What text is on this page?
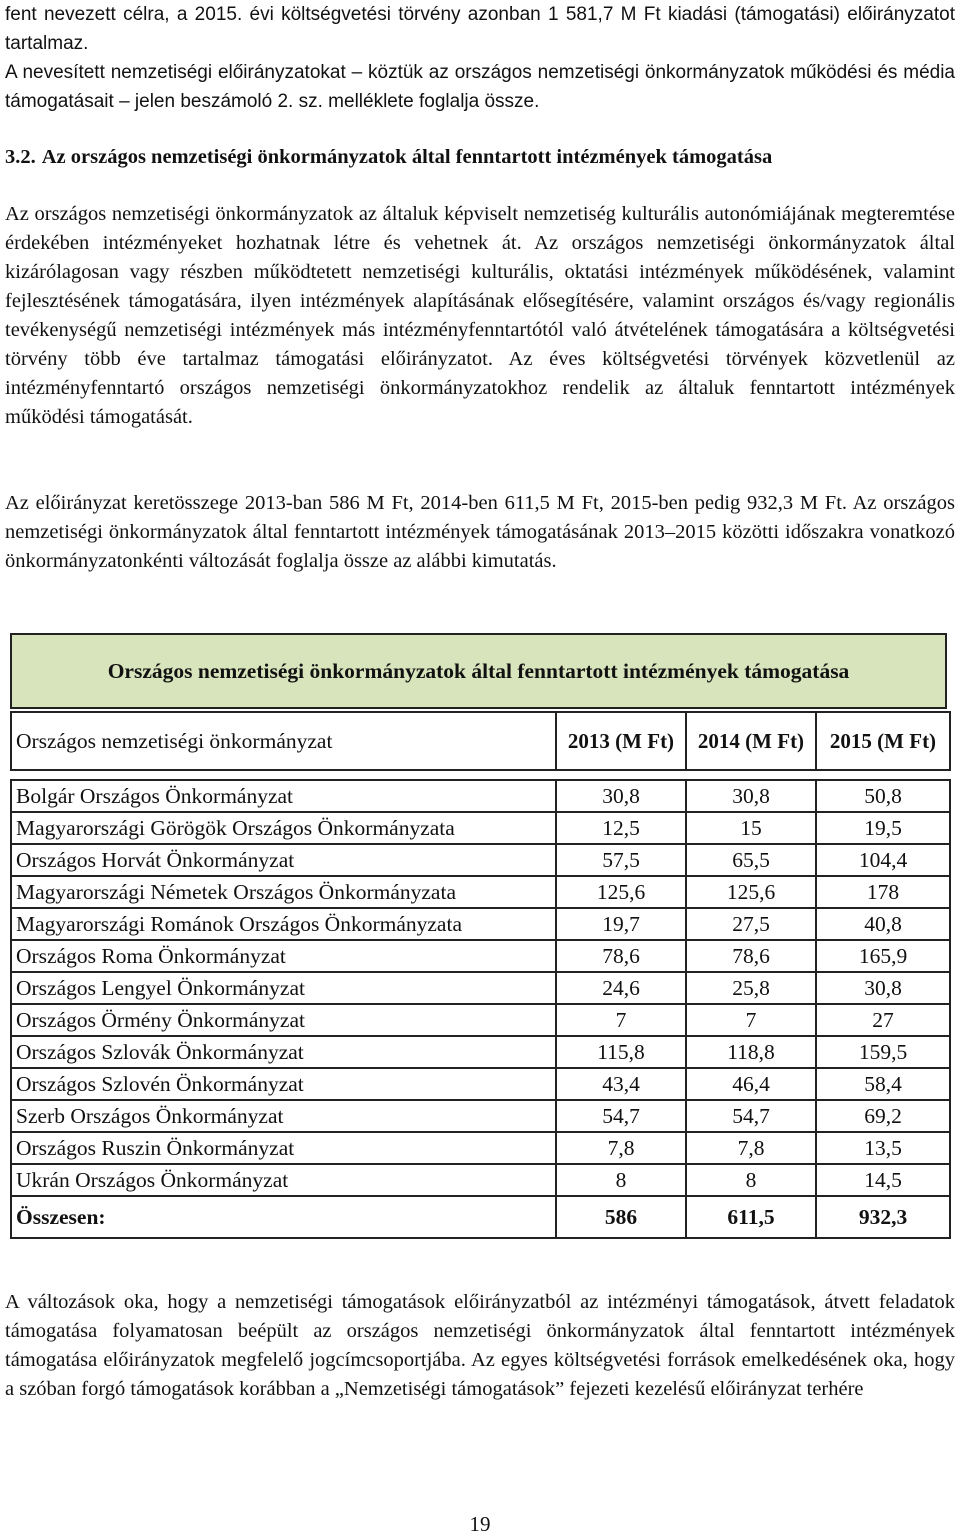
fent nevezett célra, a 2015. évi költségvetési törvény azonban 1 581,7 M Ft kiadási (támogatási) előirányzatot tartalmaz.

A nevesített nemzetiségi előirányzatokat – köztük az országos nemzetiségi önkormányzatok működési és média támogatásait – jelen beszámoló 2. sz. melléklete foglalja össze.

3.2. Az országos nemzetiségi önkormányzatok által fenntartott intézmények támogatása

Az országos nemzetiségi önkormányzatok az általuk képviselt nemzetiség kulturális autonómiájának megteremtése érdekében intézményeket hozhatnak létre és vehetnek át. Az országos nemzetiségi önkormányzatok által kizárólagosan vagy részben működtetett nemzetiségi kulturális, oktatási intézmények működésének, valamint fejlesztésének támogatására, ilyen intézmények alapításának elősegítésére, valamint országos és/vagy regionális tevékenységű nemzetiségi intézmények más intézményfenntartótól való átvételének támogatására a költségvetési törvény több éve tartalmaz támogatási előirányzatot. Az éves költségvetési törvények közvetlenül az intézményfenntartó országos nemzetiségi önkormányzatokhoz rendelik az általuk fenntartott intézmények működési támogatását.

Az előirányzat keretösszege 2013-ban 586 M Ft, 2014-ben 611,5 M Ft, 2015-ben pedig 932,3 M Ft. Az országos nemzetiségi önkormányzatok által fenntartott intézmények támogatásának 2013–2015 közötti időszakra vonatkozó önkormányzatonkénti változását foglalja össze az alábbi kimutatás.

Országos nemzetiségi önkormányzatok által fenntartott intézmények támogatása
Országos nemzetiségi önkormányzat	2013 (M Ft)	2014 (M Ft)	2015 (M Ft)

Bolgár Országos Önkormányzat	30,8	30,8	50,8
Magyarországi Görögök Országos Önkormányzata	12,5	15	19,5
Országos Horvát Önkormányzat	57,5	65,5	104,4
Magyarországi Németek Országos Önkormányzata	125,6	125,6	178
Magyarországi Románok Országos Önkormányzata	19,7	27,5	40,8
Országos Roma Önkormányzat	78,6	78,6	165,9
Országos Lengyel Önkormányzat	24,6	25,8	30,8
Országos Örmény Önkormányzat	7	7	27
Országos Szlovák Önkormányzat	115,8	118,8	159,5
Országos Szlovén Önkormányzat	43,4	46,4	58,4
Szerb Országos Önkormányzat	54,7	54,7	69,2
Országos Ruszin Önkormányzat	7,8	7,8	13,5
Ukrán Országos Önkormányzat	8	8	14,5
Összesen:	586	611,5	932,3

A változások oka, hogy a nemzetiségi támogatások előirányzatból az intézményi támogatások, átvett feladatok támogatása folyamatosan beépült az országos nemzetiségi önkormányzatok által fenntartott intézmények támogatása előirányzatok megfelelő jogcímcsoportjába. Az egyes költségvetési források emelkedésének oka, hogy a szóban forgó támogatások korábban a „Nemzetiségi támogatások” fejezeti kezelésű előirányzat terhére

19
